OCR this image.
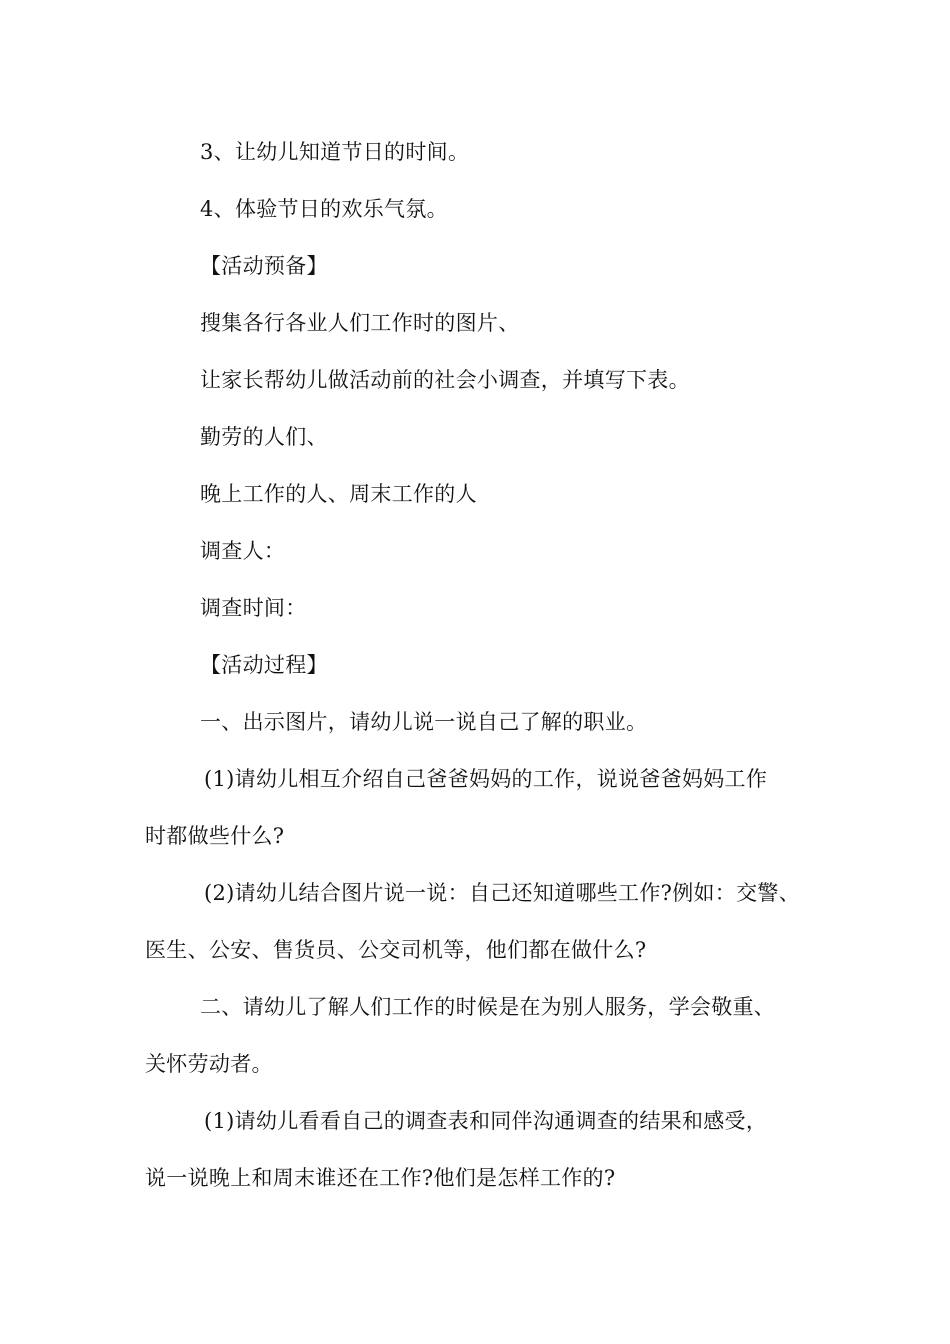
3、让幼儿知道节日的时间。
4、体验节日的欢乐气氛。
【活动预备】
搜集各行各业人们工作时的图片、
让家长帮幼儿做活动前的社会小调查，并填写下表。
勤劳的人们、
晚上工作的人、周末工作的人
调查人：
调查时间：
【活动过程】
一、出示图片，请幼儿说一说自己了解的职业。
(1)请幼儿相互介绍自己爸爸妈妈的工作，说说爸爸妈妈工作
时都做些什么?
(2)请幼儿结合图片说一说：自己还知道哪些工作?例如：交警、
医生、公安、售货员、公交司机等，他们都在做什么?
二、请幼儿了解人们工作的时候是在为别人服务，学会敬重、
关怀劳动者。
(1)请幼儿看看自己的调查表和同伴沟通调查的结果和感受，
说一说晚上和周末谁还在工作?他们是怎样工作的?
